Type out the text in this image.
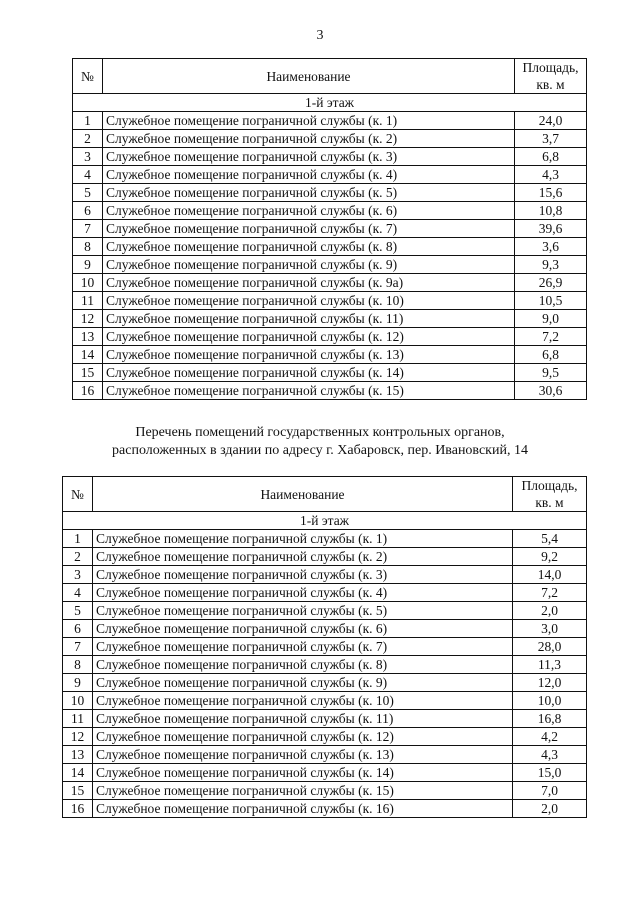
3
№	Наименование	Площадь, кв. м
1-й этаж		
1	Служебное помещение пограничной службы (к. 1)	24,0
2	Служебное помещение пограничной службы (к. 2)	3,7
3	Служебное помещение пограничной службы (к. 3)	6,8
4	Служебное помещение пограничной службы (к. 4)	4,3
5	Служебное помещение пограничной службы (к. 5)	15,6
6	Служебное помещение пограничной службы (к. 6)	10,8
7	Служебное помещение пограничной службы (к. 7)	39,6
8	Служебное помещение пограничной службы (к. 8)	3,6
9	Служебное помещение пограничной службы (к. 9)	9,3
10	Служебное помещение пограничной службы (к. 9а)	26,9
11	Служебное помещение пограничной службы (к. 10)	10,5
12	Служебное помещение пограничной службы (к. 11)	9,0
13	Служебное помещение пограничной службы (к. 12)	7,2
14	Служебное помещение пограничной службы (к. 13)	6,8
15	Служебное помещение пограничной службы (к. 14)	9,5
16	Служебное помещение пограничной службы (к. 15)	30,6
Перечень помещений государственных контрольных органов,
расположенных в здании по адресу г. Хабаровск, пер. Ивановский, 14
№	Наименование	Площадь, кв. м
1-й этаж		
1	Служебное помещение пограничной службы (к. 1)	5,4
2	Служебное помещение пограничной службы (к. 2)	9,2
3	Служебное помещение пограничной службы (к. 3)	14,0
4	Служебное помещение пограничной службы (к. 4)	7,2
5	Служебное помещение пограничной службы (к. 5)	2,0
6	Служебное помещение пограничной службы (к. 6)	3,0
7	Служебное помещение пограничной службы (к. 7)	28,0
8	Служебное помещение пограничной службы (к. 8)	11,3
9	Служебное помещение пограничной службы (к. 9)	12,0
10	Служебное помещение пограничной службы (к. 10)	10,0
11	Служебное помещение пограничной службы (к. 11)	16,8
12	Служебное помещение пограничной службы (к. 12)	4,2
13	Служебное помещение пограничной службы (к. 13)	4,3
14	Служебное помещение пограничной службы (к. 14)	15,0
15	Служебное помещение пограничной службы (к. 15)	7,0
16	Служебное помещение пограничной службы (к. 16)	2,0
